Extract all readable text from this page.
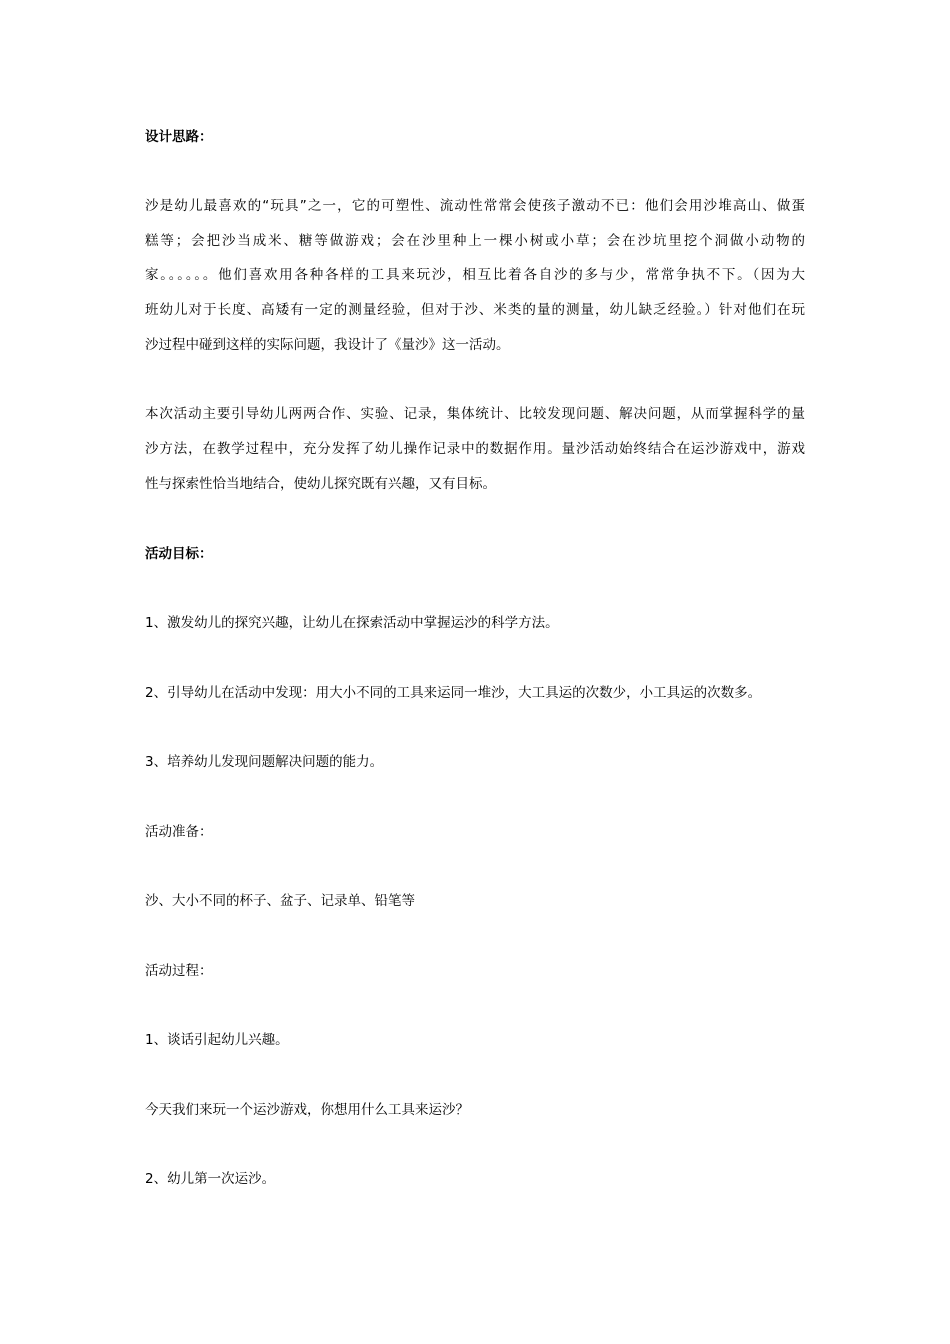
设计思路：
沙是幼儿最喜欢的“玩具”之一，它的可塑性、流动性常常会使孩子激动不已：他们会用沙堆高山、做蛋
糕等；会把沙当成米、糖等做游戏；会在沙里种上一棵小树或小草；会在沙坑里挖个洞做小动物的
家。。。。。。他们喜欢用各种各样的工具来玩沙，相互比着各自沙的多与少，常常争执不下。（因为大
班幼儿对于长度、高矮有一定的测量经验，但对于沙、米类的量的测量，幼儿缺乏经验。）针对他们在玩
沙过程中碰到这样的实际问题，我设计了《量沙》这一活动。
本次活动主要引导幼儿两两合作、实验、记录，集体统计、比较发现问题、解决问题，从而掌握科学的量
沙方法，在教学过程中，充分发挥了幼儿操作记录中的数据作用。量沙活动始终结合在运沙游戏中，游戏
性与探索性恰当地结合，使幼儿探究既有兴趣，又有目标。
活动目标：
1、激发幼儿的探究兴趣，让幼儿在探索活动中掌握运沙的科学方法。
2、引导幼儿在活动中发现：用大小不同的工具来运同一堆沙，大工具运的次数少，小工具运的次数多。
3、培养幼儿发现问题解决问题的能力。
活动准备：
沙、大小不同的杯子、盆子、记录单、铅笔等
活动过程：
1、谈话引起幼儿兴趣。
今天我们来玩一个运沙游戏，你想用什么工具来运沙？
2、幼儿第一次运沙。
